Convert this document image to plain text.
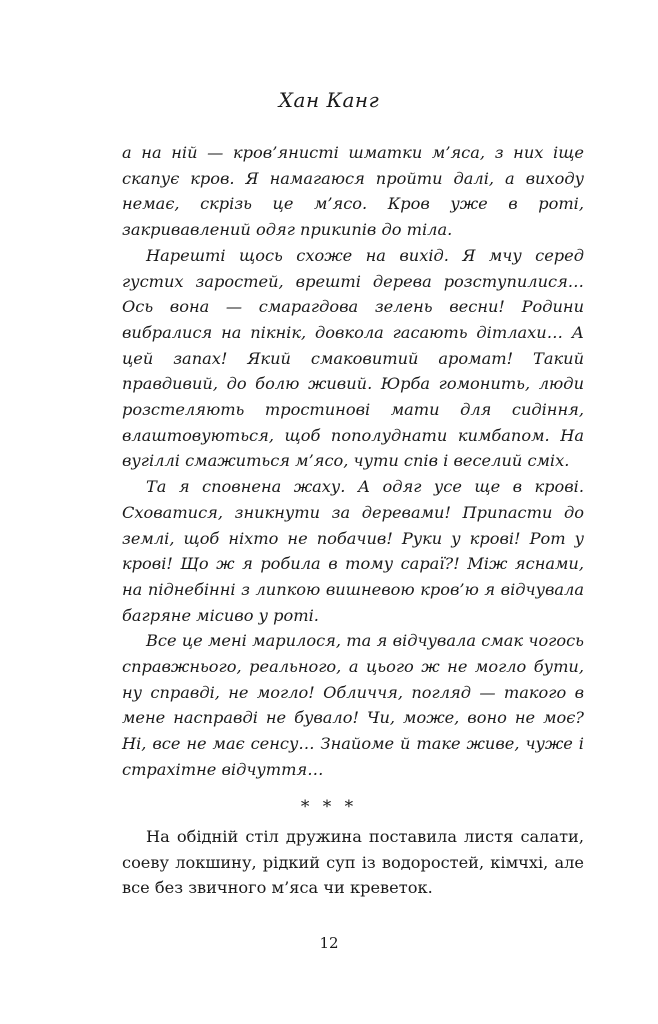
Хан Канг

а на ній — кров’янисті шматки м’яса, з них іще скапує кров. Я намагаюся пройти далі, а виходу немає, скрізь це м’ясо. Кров уже в роті, закривавлений одяг прикипів до тіла.

Нарешті щось схоже на вихід. Я мчу серед густих заростей, врешті дерева розступилися… Ось вона — смарагдова зелень весни! Родини вибралися на пікнік, довкола гасають дітлахи… А цей запах! Який смаковитий аромат! Такий правдивий, до болю живий. Юрба гомонить, люди розстеляють тростинові мати для сидіння, влаштовуються, щоб пополуднати кимбапом. На вугіллі смажиться м’ясо, чути спів і веселий сміх.

Та я сповнена жаху. А одяг усе ще в крові. Сховатися, зникнути за деревами! Припасти до землі, щоб ніхто не побачив! Руки у крові! Рот у крові! Що ж я робила в тому сараї?! Між яснами, на піднебінні з липкою вишневою кров’ю я відчувала багряне місиво у роті.

Все це мені марилося, та я відчувала смак чогось справжнього, реального, а цього ж не могло бути, ну справді, не могло! Обличчя, погляд — такого в мене насправді не бувало! Чи, може, воно не моє? Ні, все не має сенсу… Знайоме й таке живе, чуже і страхітне відчуття…

* * *

На обідній стіл дружина поставила листя салати, соеву локшину, рідкий суп із водоростей, кімчхі, але все без звичного м’яса чи креветок.

12
